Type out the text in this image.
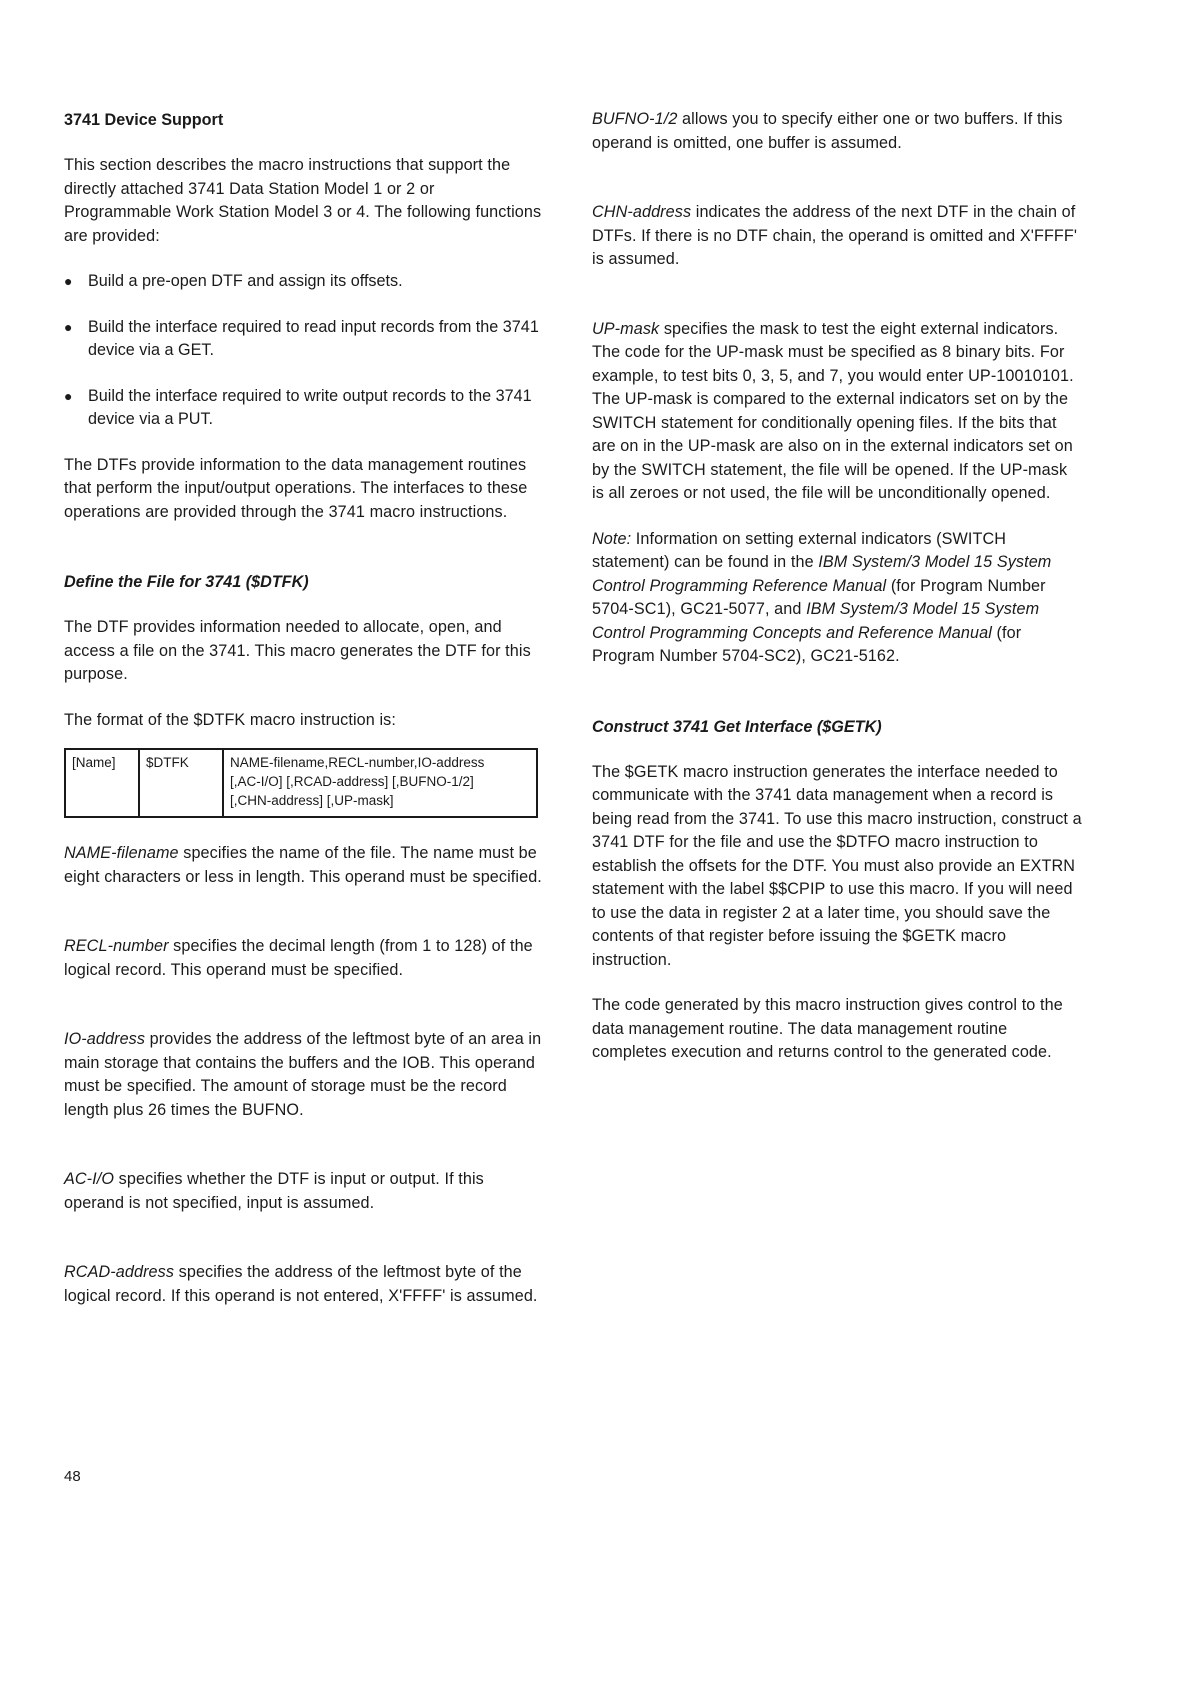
3741 Device Support

This section describes the macro instructions that support the directly attached 3741 Data Station Model 1 or 2 or Programmable Work Station Model 3 or 4. The following functions are provided:

● Build a pre-open DTF and assign its offsets.
● Build the interface required to read input records from the 3741 device via a GET.
● Build the interface required to write output records to the 3741 device via a PUT.

The DTFs provide information to the data management routines that perform the input/output operations. The interfaces to these operations are provided through the 3741 macro instructions.

Define the File for 3741 ($DTFK)

The DTF provides information needed to allocate, open, and access a file on the 3741. This macro generates the DTF for this purpose.

The format of the $DTFK macro instruction is:

[Name]	$DTFK	NAME-filename,RECL-number,IO-address
[,AC-I/O] [,RCAD-address] [,BUFNO-1/2]
[,CHN-address] [,UP-mask]

NAME-filename specifies the name of the file. The name must be eight characters or less in length. This operand must be specified.

RECL-number specifies the decimal length (from 1 to 128) of the logical record. This operand must be specified.

IO-address provides the address of the leftmost byte of an area in main storage that contains the buffers and the IOB. This operand must be specified. The amount of storage must be the record length plus 26 times the BUFNO.

AC-I/O specifies whether the DTF is input or output. If this operand is not specified, input is assumed.

RCAD-address specifies the address of the leftmost byte of the logical record. If this operand is not entered, X'FFFF' is assumed.

BUFNO-1/2 allows you to specify either one or two buffers. If this operand is omitted, one buffer is assumed.

CHN-address indicates the address of the next DTF in the chain of DTFs. If there is no DTF chain, the operand is omitted and X'FFFF' is assumed.

UP-mask specifies the mask to test the eight external indicators. The code for the UP-mask must be specified as 8 binary bits. For example, to test bits 0, 3, 5, and 7, you would enter UP-10010101. The UP-mask is compared to the external indicators set on by the SWITCH statement for conditionally opening files. If the bits that are on in the UP-mask are also on in the external indicators set on by the SWITCH statement, the file will be opened. If the UP-mask is all zeroes or not used, the file will be unconditionally opened.

Note: Information on setting external indicators (SWITCH statement) can be found in the IBM System/3 Model 15 System Control Programming Reference Manual (for Program Number 5704-SC1), GC21-5077, and IBM System/3 Model 15 System Control Programming Concepts and Reference Manual (for Program Number 5704-SC2), GC21-5162.

Construct 3741 Get Interface ($GETK)

The $GETK macro instruction generates the interface needed to communicate with the 3741 data management when a record is being read from the 3741. To use this macro instruction, construct a 3741 DTF for the file and use the $DTFO macro instruction to establish the offsets for the DTF. You must also provide an EXTRN statement with the label $$CPIP to use this macro. If you will need to use the data in register 2 at a later time, you should save the contents of that register before issuing the $GETK macro instruction.

The code generated by this macro instruction gives control to the data management routine. The data management routine completes execution and returns control to the generated code.

48
